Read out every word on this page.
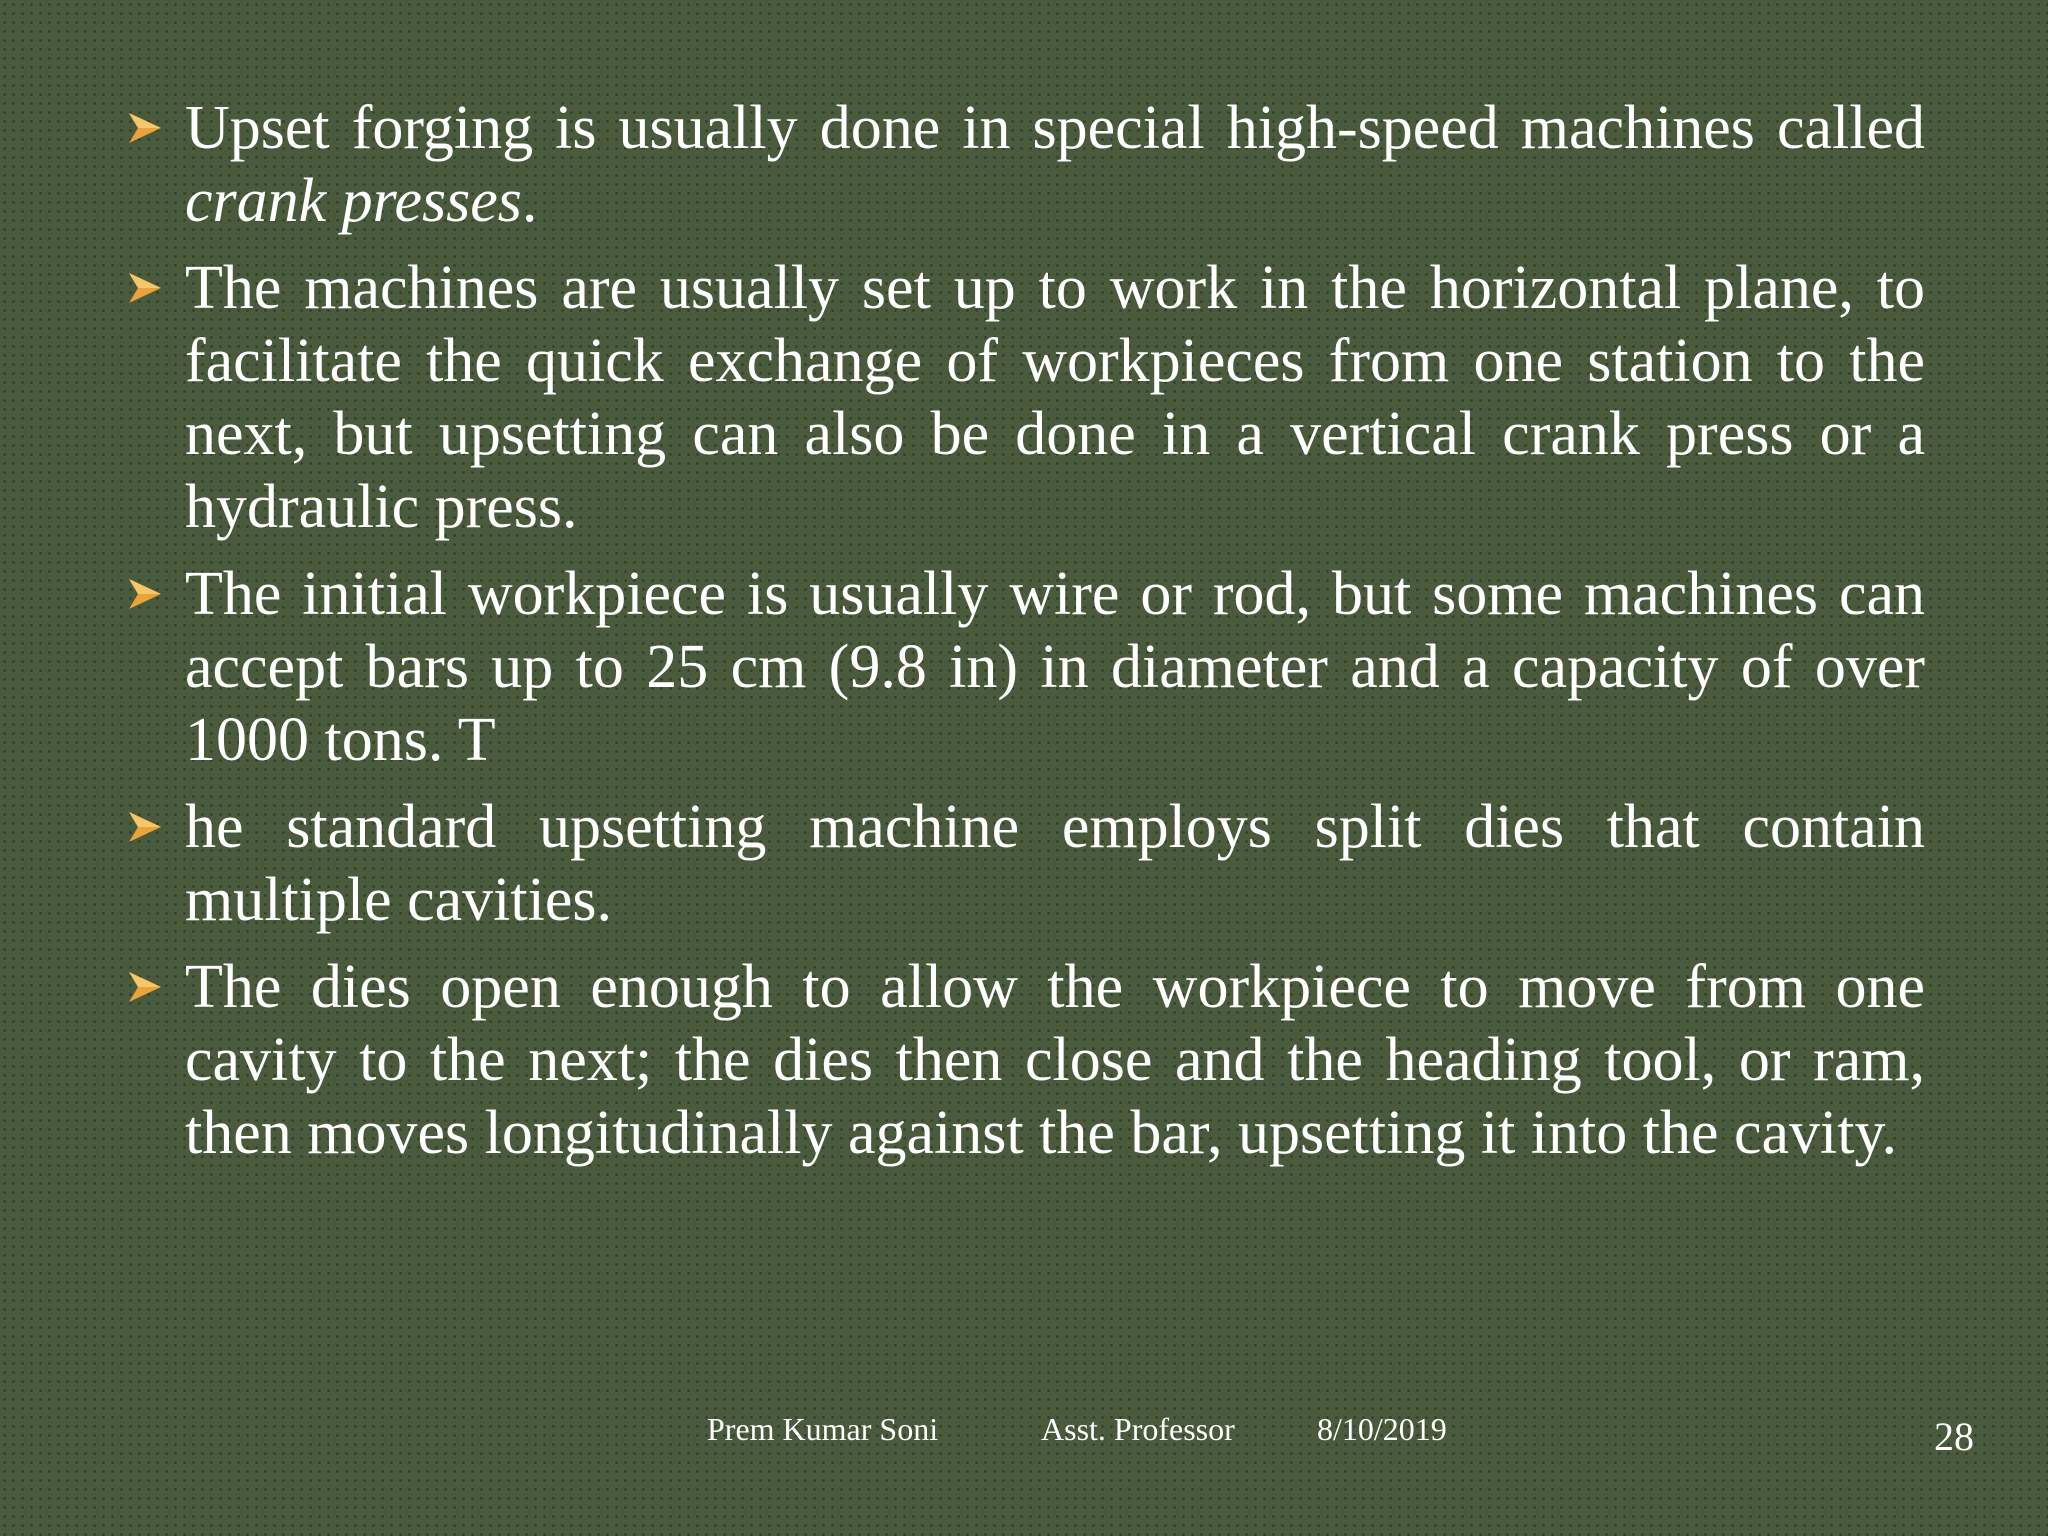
Upset forging is usually done in special high-speed machines called crank presses.
The machines are usually set up to work in the horizontal plane, to facilitate the quick exchange of workpieces from one station to the next, but upsetting can also be done in a vertical crank press or a hydraulic press.
The initial workpiece is usually wire or rod, but some machines can accept bars up to 25 cm (9.8 in) in diameter and a capacity of over 1000 tons. T
he standard upsetting machine employs split dies that contain multiple cavities.
The dies open enough to allow the workpiece to move from one cavity to the next; the dies then close and the heading tool, or ram, then moves longitudinally against the bar, upsetting it into the cavity.
Prem Kumar Soni	Asst. Professor	8/10/2019	28
